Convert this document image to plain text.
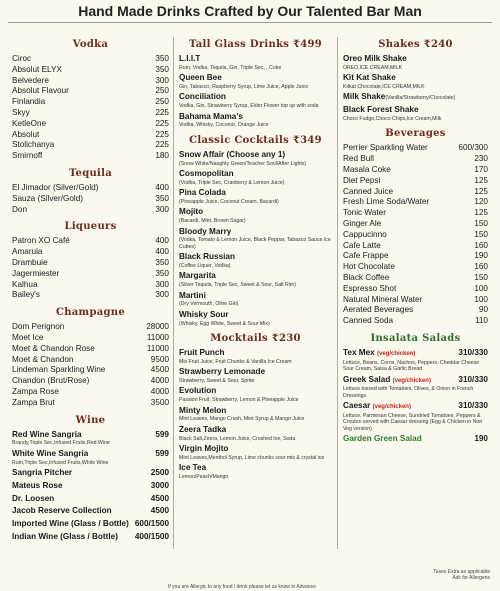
Hand Made Drinks Crafted by Our Talented Bar Man
Vodka
Ciroc	350
Absolut ELYX	350
Belvedere	300
Absolut Flavour	250
Finlandia	250
Skyy	225
KetleOne	225
Absolut	225
Stolichanya	225
Smirnoff	180
Tequila
El Jimador (Silver/Gold)	400
Sauza (Silver/Gold)	350
Don	300
Liqueurs
Patron XO Café	400
Amarula	400
Drambuie	350
Jagermiester	350
Kalhua	300
Bailey's	300
Champagne
Dom Perignon	28000
Moet Ice	11000
Moet & Chandon Rose	11000
Moet & Chandon	9500
Lindeman Sparkling Wine	4500
Chandon (Brut/Rose)	4000
Zampa Rose	4000
Zampa Brut	3500
Wine
Red Wine Sangria	599
Brandy,Triple Sec,Infused Fruits,Red Wine
White Wine Sangria	599
Rum,Triple Sec,Infused Fruits,White Wine
Sangria Pitcher	2500
Mateus Rose	3000
Dr. Loosen	4500
Jacob Reserve Collection	4500
Imported Wine (Glass / Bottle) 600/1500
Indian Wine (Glass / Bottle)	400/1500
Tall Glass Drinks ₹499
L.I.I.T
Rum, Vodka, Tequila, Gin, Triple Sec, , Coke
Queen Bee
Gin, Tabasco, Raspberry Syrup, Lime Juice, Apple Juice
Conciliation
Vodka, Gin, Strawberry Syrup, Elder Flower top up with soda
Bahama Mama's
Vodka, Whisky, Coconut, Orange Juice
Classic Cocktails ₹349
Snow Affair (Choose any 1)
(Snow White/Naughty Green/Teacher Soul/After Lights)
Cosmopolitan
(Vodka, Triple Sec, Cranberry & Lemon Juice)
Pina Colada
(Pineapple Juice, Coconut Cream, Bacardi)
Mojito
(Bacardi, Mint, Brown Sugar)
Bloody Marry
(Vodka, Tomato & Lemon Juice, Black Peppar, Tabasco Sauce Ice Cubes)
Black Russian
(Coffee Liquer, Vodka)
Margarita
(Silver Tequila, Triple Sec, Sweet & Sour, Salt Rim)
Martini
(Dry Vermouth, Olive Gin)
Whisky Sour
(Whisky, Egg White, Sweet & Sour Mix)
Mocktails ₹230
Fruit Punch
Mix Fruit Juice, Fruit Chunks & Vanilla Ice Cream
Strawberry Lemonade
Strawberry, Sweet & Sour, Sprite
Evolution
Passion Fruit, Strawberry, Lemon & Pineapple Juice
Minty Melon
Mint Leaves, Mango Crush, Mint Syrup & Mango Juice
Zeera Tadka
Black Salt,Zeera, Lemon Juice, Crushed Ice, Soda
Virgin Mojito
Mint Leaves,Menthol Syrup, Lime chunks sour mix & crystal ice
Ice Tea
Lemon/Peach/Mango
Shakes ₹240
Oreo Milk Shake
OREO,ICE CREAM,MILK
Kit Kat Shake
Kitkat Chocolate,ICE CREAM,MILK
Milk Shake(Vanilla/Strawberry/Chocolate)
Black Forest Shake
Choco Fudge,Choco Chips,Ice Cream,Milk
Beverages
Perrier Sparkling Water	600/300
Red Bull	230
Masala Coke	170
Diet Pepsi	125
Canned Juice	125
Fresh Lime Soda/Water	120
Tonic Water	125
Ginger Ale	150
Cappucinno	150
Cafe Latte	160
Cafe Frappe	190
Hot Chocolate	160
Black Coffee	150
Espresso Shot	100
Natural Mineral Water	100
Aerated Beverages	90
Canned Soda	110
Insalata Salads
Tex Mex (veg/chicken)	310/330
Lettuce, Beans, Corns, Nachos, Peppers, Cheddar Cheese Sour Cream, Salsa & Garlic Bread
Greek Salad (veg/chicken)	310/330
Lettuce tossed with Tomatoes, Olives, & Onion in French Dressings
Caesar (veg/chicken)	310/330
Lettuce, Parmesan Cheese, Sundried Tomatoes, Peppers & Crouton served with Caesar dressing (Egg & Chicken in Non Veg version)
Garden Green Salad	190
Taxes Extra as applicable
Ask for Allergens
If you are Allergic to any food / drink please let us know in Advance
